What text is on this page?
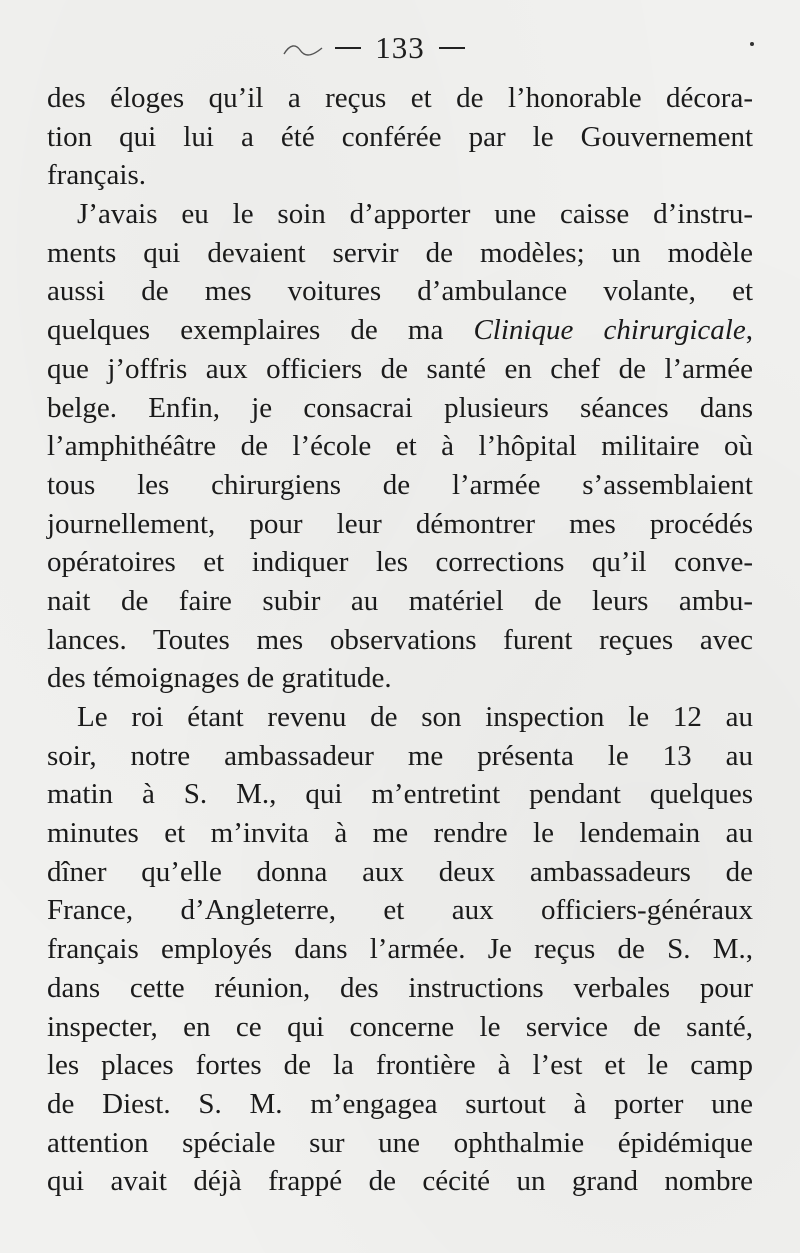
133
des éloges qu’il a reçus et de l’honorable décora-
tion qui lui a été conférée par le Gouvernement
français.
J’avais eu le soin d’apporter une caisse d’instru-
ments qui devaient servir de modèles; un modèle
aussi de mes voitures d’ambulance volante, et
quelques exemplaires de ma Clinique chirurgicale,
que j’offris aux officiers de santé en chef de l’armée
belge. Enfin, je consacrai plusieurs séances dans
l’amphithéâtre de l’école et à l’hôpital militaire où
tous les chirurgiens de l’armée s’assemblaient
journellement, pour leur démontrer mes procédés
opératoires et indiquer les corrections qu’il conve-
nait de faire subir au matériel de leurs ambu-
lances. Toutes mes observations furent reçues avec
des témoignages de gratitude.
Le roi étant revenu de son inspection le 12 au
soir, notre ambassadeur me présenta le 13 au
matin à S. M., qui m’entretint pendant quelques
minutes et m’invita à me rendre le lendemain au
dîner qu’elle donna aux deux ambassadeurs de
France, d’Angleterre, et aux officiers-généraux
français employés dans l’armée. Je reçus de S. M.,
dans cette réunion, des instructions verbales pour
inspecter, en ce qui concerne le service de santé,
les places fortes de la frontière à l’est et le camp
de Diest. S. M. m’engagea surtout à porter une
attention spéciale sur une ophthalmie épidémique
qui avait déjà frappé de cécité un grand nombre
